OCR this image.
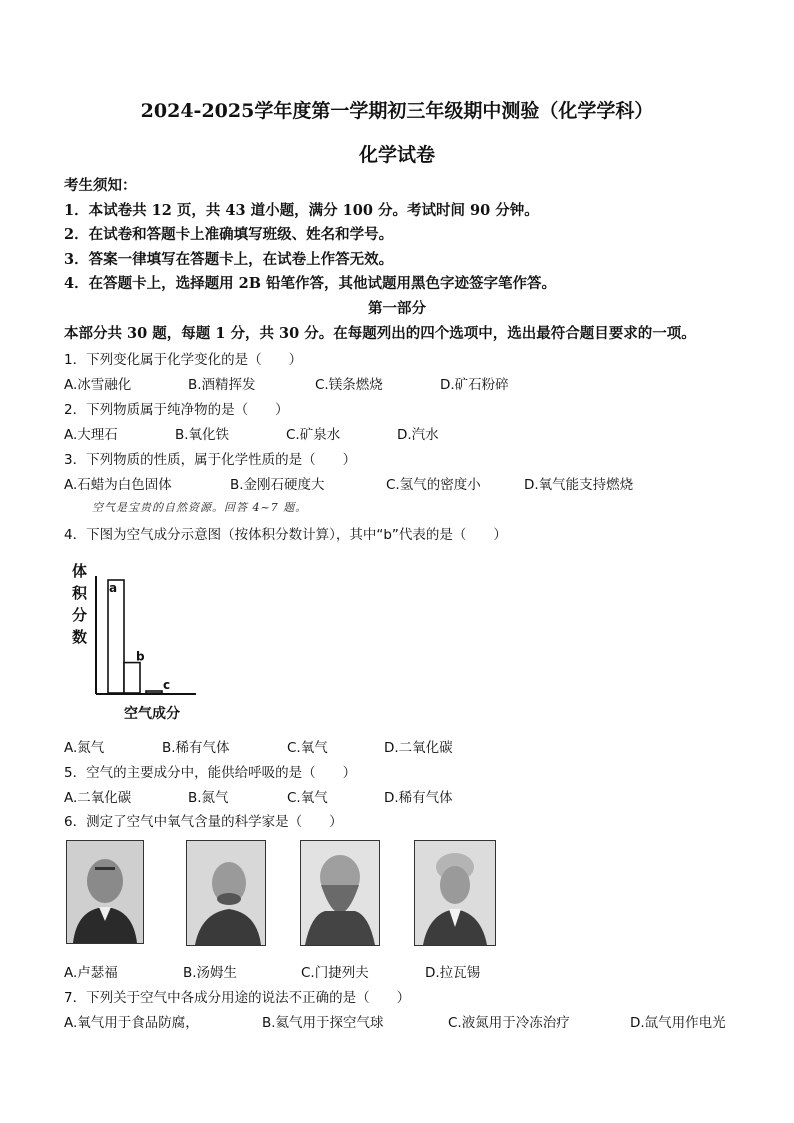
2024-2025学年度第一学期初三年级期中测验（化学学科）
化学试卷
考生须知：
1．本试卷共 12 页，共 43 道小题，满分 100 分。考试时间 90 分钟。
2．在试卷和答题卡上准确填写班级、姓名和学号。
3．答案一律填写在答题卡上，在试卷上作答无效。
4．在答题卡上，选择题用 2B 铅笔作答，其他试题用黑色字迹签字笔作答。
第一部分
本部分共 30 题，每题 1 分，共 30 分。在每题列出的四个选项中，选出最符合题目要求的一项。
1．下列变化属于化学变化的是（　　）
A.冰雪融化	B.酒精挥发	C.镁条燃烧	D.矿石粉碎
2．下列物质属于纯净物的是（　　）
A.大理石	B.氧化铁	C.矿泉水	D.汽水
3．下列物质的性质，属于化学性质的是（　　）
A.石蜡为白色固体	B.金刚石硬度大	C.氢气的密度小	D.氧气能支持燃烧
空气是宝贵的自然资源。回答 4~7 题。
4．下图为空气成分示意图（按体积分数计算），其中“b”代表的是（　　）
体
积
分
数
a
b
c
空气成分
A.氮气	B.稀有气体	C.氧气	D.二氧化碳
5．空气的主要成分中，能供给呼吸的是（　　）
A.二氧化碳	B.氮气	C.氧气	D.稀有气体
6．测定了空气中氧气含量的科学家是（　　）
A.卢瑟福	B.汤姆生	C.门捷列夫	D.拉瓦锡
7．下列关于空气中各成分用途的说法不正确的是（　　）
A.氧气用于食品防腐，	B.氦气用于探空气球	C.液氮用于冷冻治疗	D.氙气用作电光
